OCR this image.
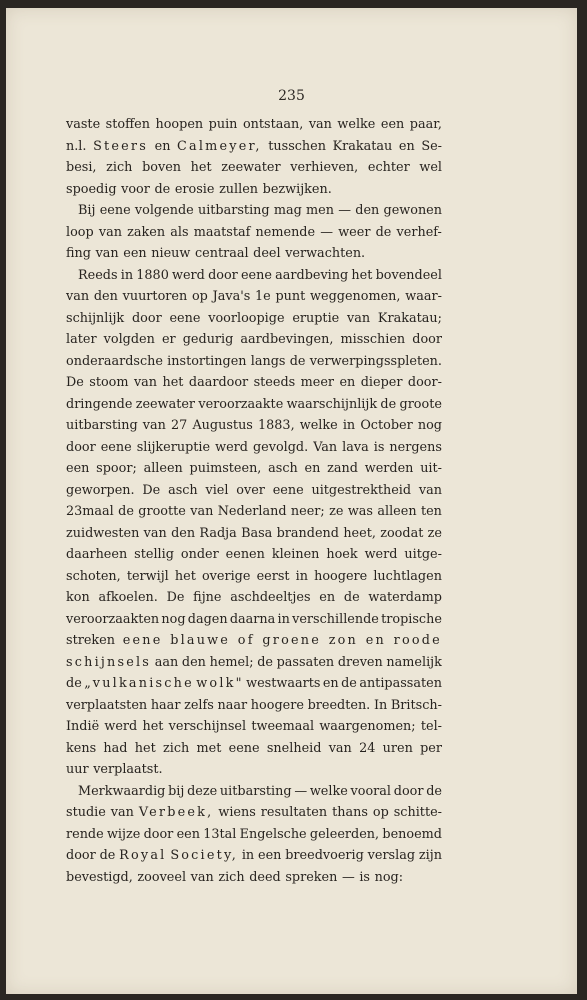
235
vaste stoffen hoopen puin ontstaan, van welke een paar,
n.l. Steers en Calmeyer, tusschen Krakatau en Se-
besi, zich boven het zeewater verhieven, echter wel
spoedig voor de erosie zullen bezwijken.
Bij eene volgende uitbarsting mag men — den gewonen
loop van zaken als maatstaf nemende — weer de verhef-
fing van een nieuw centraal deel verwachten.
Reeds in 1880 werd door eene aardbeving het bovendeel
van den vuurtoren op Java's 1e punt weggenomen, waar-
schijnlijk door eene voorloopige eruptie van Krakatau;
later volgden er gedurig aardbevingen, misschien door
onderaardsche instortingen langs de verwerpingsspleten.
De stoom van het daardoor steeds meer en dieper door-
dringende zeewater veroorzaakte waarschijnlijk de groote
uitbarsting van 27 Augustus 1883, welke in October nog
door eene slijkeruptie werd gevolgd. Van lava is nergens
een spoor; alleen puimsteen, asch en zand werden uit-
geworpen. De asch viel over eene uitgestrektheid van
23maal de grootte van Nederland neer; ze was alleen ten
zuidwesten van den Radja Basa brandend heet, zoodat ze
daarheen stellig onder eenen kleinen hoek werd uitge-
schoten, terwijl het overige eerst in hoogere luchtlagen
kon afkoelen. De fijne aschdeeltjes en de waterdamp
veroorzaakten nog dagen daarna in verschillende tropische
streken eene blauwe of groene zon en roode
schijnsels aan den hemel; de passaten dreven namelijk
de „vulkanische wolk" westwaarts en de antipassaten
verplaatsten haar zelfs naar hoogere breedten. In Britsch-
Indië werd het verschijnsel tweemaal waargenomen; tel-
kens had het zich met eene snelheid van 24 uren per
uur verplaatst.
Merkwaardig bij deze uitbarsting — welke vooral door de
studie van Verbeek, wiens resultaten thans op schitte-
rende wijze door een 13tal Engelsche geleerden, benoemd
door de Royal Society, in een breedvoerig verslag zijn
bevestigd, zooveel van zich deed spreken — is nog:
